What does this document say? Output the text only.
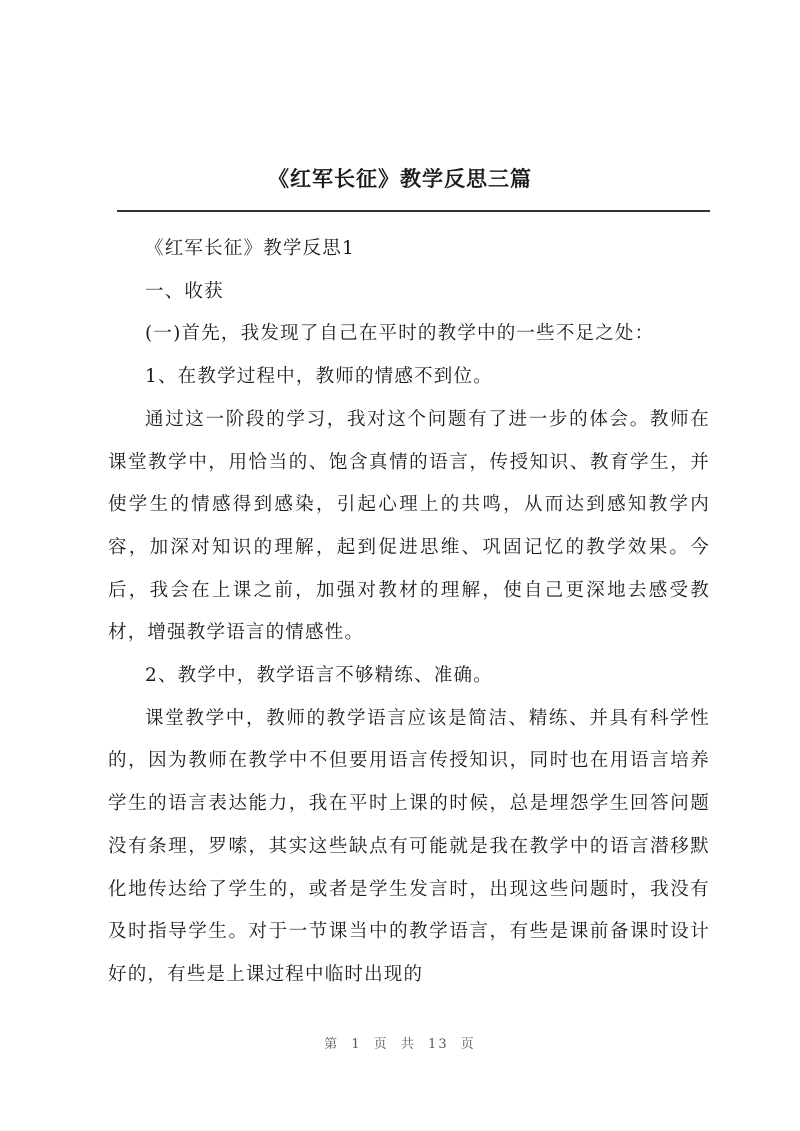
《红军长征》教学反思三篇

《红军长征》教学反思1

一、收获

(一)首先，我发现了自己在平时的教学中的一些不足之处：

1、在教学过程中，教师的情感不到位。

通过这一阶段的学习，我对这个问题有了进一步的体会。教师在课堂教学中，用恰当的、饱含真情的语言，传授知识、教育学生，并使学生的情感得到感染，引起心理上的共鸣，从而达到感知教学内容，加深对知识的理解，起到促进思维、巩固记忆的教学效果。今后，我会在上课之前，加强对教材的理解，使自己更深地去感受教材，增强教学语言的情感性。

2、教学中，教学语言不够精练、准确。

课堂教学中，教师的教学语言应该是简洁、精练、并具有科学性的，因为教师在教学中不但要用语言传授知识，同时也在用语言培养学生的语言表达能力，我在平时上课的时候，总是埋怨学生回答问题没有条理，罗嗦，其实这些缺点有可能就是我在教学中的语言潜移默化地传达给了学生的，或者是学生发言时，出现这些问题时，我没有及时指导学生。对于一节课当中的教学语言，有些是课前备课时设计好的，有些是上课过程中临时出现的

第 1 页 共 13 页
